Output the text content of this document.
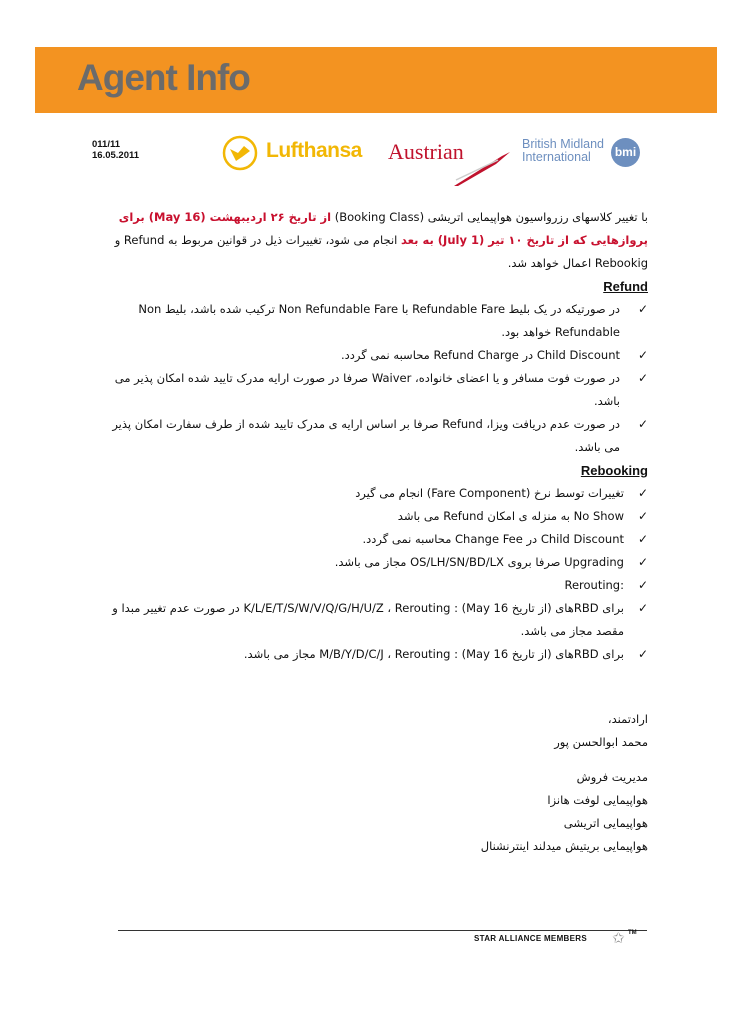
Agent Info
011/11
16.05.2011	Lufthansa Austrian	British Midland
International	bmi

با تغییر کلاسهای رزرواسیون هواپیمایی اتریشی (Booking Class) از تاریخ ۲۶ اردیبهشت (May 16) برای پروازهایی که از تاریخ ۱۰ تیر (1 July) به بعد انجام می شود، تغییرات ذیل در قوانین مربوط به Refund و Rebookig اعمال خواهد شد.

Refund
✓
در صورتیکه در یک بلیط Refundable Fare با Non Refundable Fare ترکیب شده باشد، بلیط Non Refundable خواهد بود.
✓
Child Discount در Refund Charge محاسبه نمی گردد.
✓
در صورت فوت مسافر و یا اعضای خانواده، Waiver صرفا در صورت ارایه مدرک تایید شده امکان پذیر می باشد.
✓
در صورت عدم دریافت ویزا، Refund صرفا بر اساس ارایه ی مدرک تایید شده از طرف سفارت امکان پذیر می باشد.
Rebooking
✓
تغییرات توسط نرخ (Fare Component) انجام می گیرد
✓
No Show به منزله ی امکان Refund می باشد
✓
Child Discount در Change Fee محاسبه نمی گردد.
✓
Upgrading صرفا بروی OS/LH/SN/BD/LX مجاز می باشد.
✓
:Rerouting
✓
برای RBDهای (از تاریخ May 16) : K/L/E/T/S/W/V/Q/G/H/U/Z ، Rerouting در صورت عدم تغییر مبدا و مقصد مجاز می باشد.
✓
برای RBDهای (از تاریخ May 16) : M/B/Y/D/C/J ، Rerouting مجاز می باشد.
ارادتمند،
محمد ابوالحسن پور
مدیریت فروش
هواپیمایی لوفت هانزا
هواپیمایی اتریشی
هواپیمایی بریتیش میدلند اینترنشنال
STAR ALLIANCE MEMBERS ✩ TM
